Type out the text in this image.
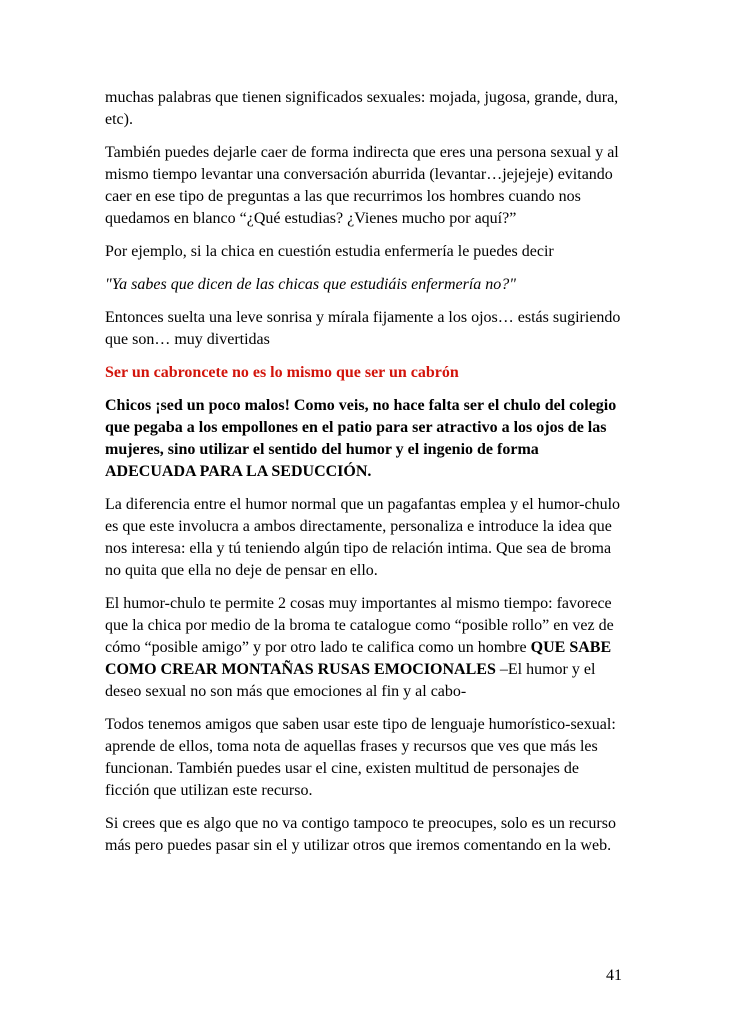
muchas palabras que tienen significados sexuales: mojada, jugosa, grande, dura, etc).

También puedes dejarle caer de forma indirecta que eres una persona sexual y al mismo tiempo levantar una conversación aburrida (levantar…jejejeje) evitando caer en ese tipo de preguntas a las que recurrimos los hombres cuando nos quedamos en blanco “¿Qué estudias? ¿Vienes mucho por aquí?”

Por ejemplo, si la chica en cuestión estudia enfermería le puedes decir

"Ya sabes que dicen de las chicas que estudiáis enfermería no?"

Entonces suelta una leve sonrisa y mírala fijamente a los ojos… estás sugiriendo que son… muy divertidas

Ser un cabroncete no es lo mismo que ser un cabrón

Chicos ¡sed un poco malos! Como veis, no hace falta ser el chulo del colegio que pegaba a los empollones en el patio para ser atractivo a los ojos de las mujeres, sino utilizar el sentido del humor y el ingenio de forma ADECUADA PARA LA SEDUCCIÓN.

La diferencia entre el humor normal que un pagafantas emplea y el humor-chulo es que este involucra a ambos directamente, personaliza e introduce la idea que nos interesa: ella y tú teniendo algún tipo de relación intima. Que sea de broma no quita que ella no deje de pensar en ello.

El humor-chulo te permite 2 cosas muy importantes al mismo tiempo: favorece que la chica por medio de la broma te catalogue como “posible rollo” en vez de cómo “posible amigo” y por otro lado te califica como un hombre QUE SABE COMO CREAR MONTAÑAS RUSAS EMOCIONALES –El humor y el deseo sexual no son más que emociones al fin y al cabo-

Todos tenemos amigos que saben usar este tipo de lenguaje humorístico-sexual: aprende de ellos, toma nota de aquellas frases y recursos que ves que más les funcionan. También puedes usar el cine, existen multitud de personajes de ficción que utilizan este recurso.

Si crees que es algo que no va contigo tampoco te preocupes, solo es un recurso más pero puedes pasar sin el y utilizar otros que iremos comentando en la web.

41
